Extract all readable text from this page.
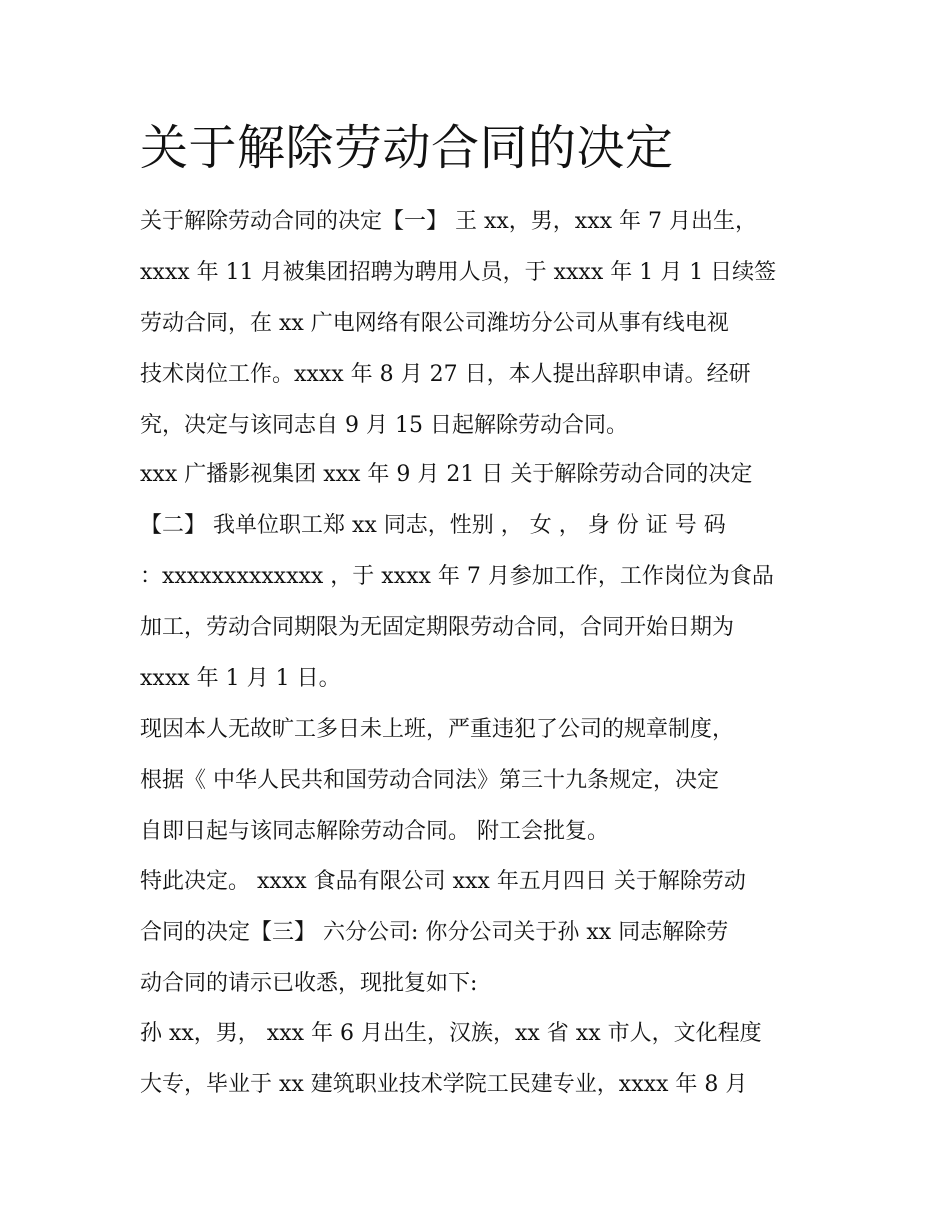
关于解除劳动合同的决定
关于解除劳动合同的决定【一】 王 xx，男，xxx 年 7 月出生，
xxxx 年 11 月被集团招聘为聘用人员，于 xxxx 年 1 月 1 日续签
劳动合同，在 xx 广电网络有限公司潍坊分公司从事有线电视
技术岗位工作。xxxx 年 8 月 27 日，本人提出辞职申请。经研
究，决定与该同志自 9 月 15 日起解除劳动合同。
xxx 广播影视集团 xxx 年 9 月 21 日 关于解除劳动合同的决定
【二】 我单位职工郑 xx 同志，性别 ， 女 ， 身 份 证 号 码
：xxxxxxxxxxxxx ，于 xxxx 年 7 月参加工作，工作岗位为食品
加工，劳动合同期限为无固定期限劳动合同，合同开始日期为
xxxx 年 1 月 1 日。
现因本人无故旷工多日未上班，严重违犯了公司的规章制度，
根据《 中华人民共和国劳动合同法》第三十九条规定，决定
自即日起与该同志解除劳动合同。 附工会批复。
特此决定。 xxxx 食品有限公司 xxx 年五月四日 关于解除劳动
合同的决定【三】 六分公司: 你分公司关于孙 xx 同志解除劳
动合同的请示已收悉，现批复如下:
孙 xx，男， xxx 年 6 月出生，汉族，xx 省 xx 市人，文化程度
大专，毕业于 xx 建筑职业技术学院工民建专业，xxxx 年 8 月
